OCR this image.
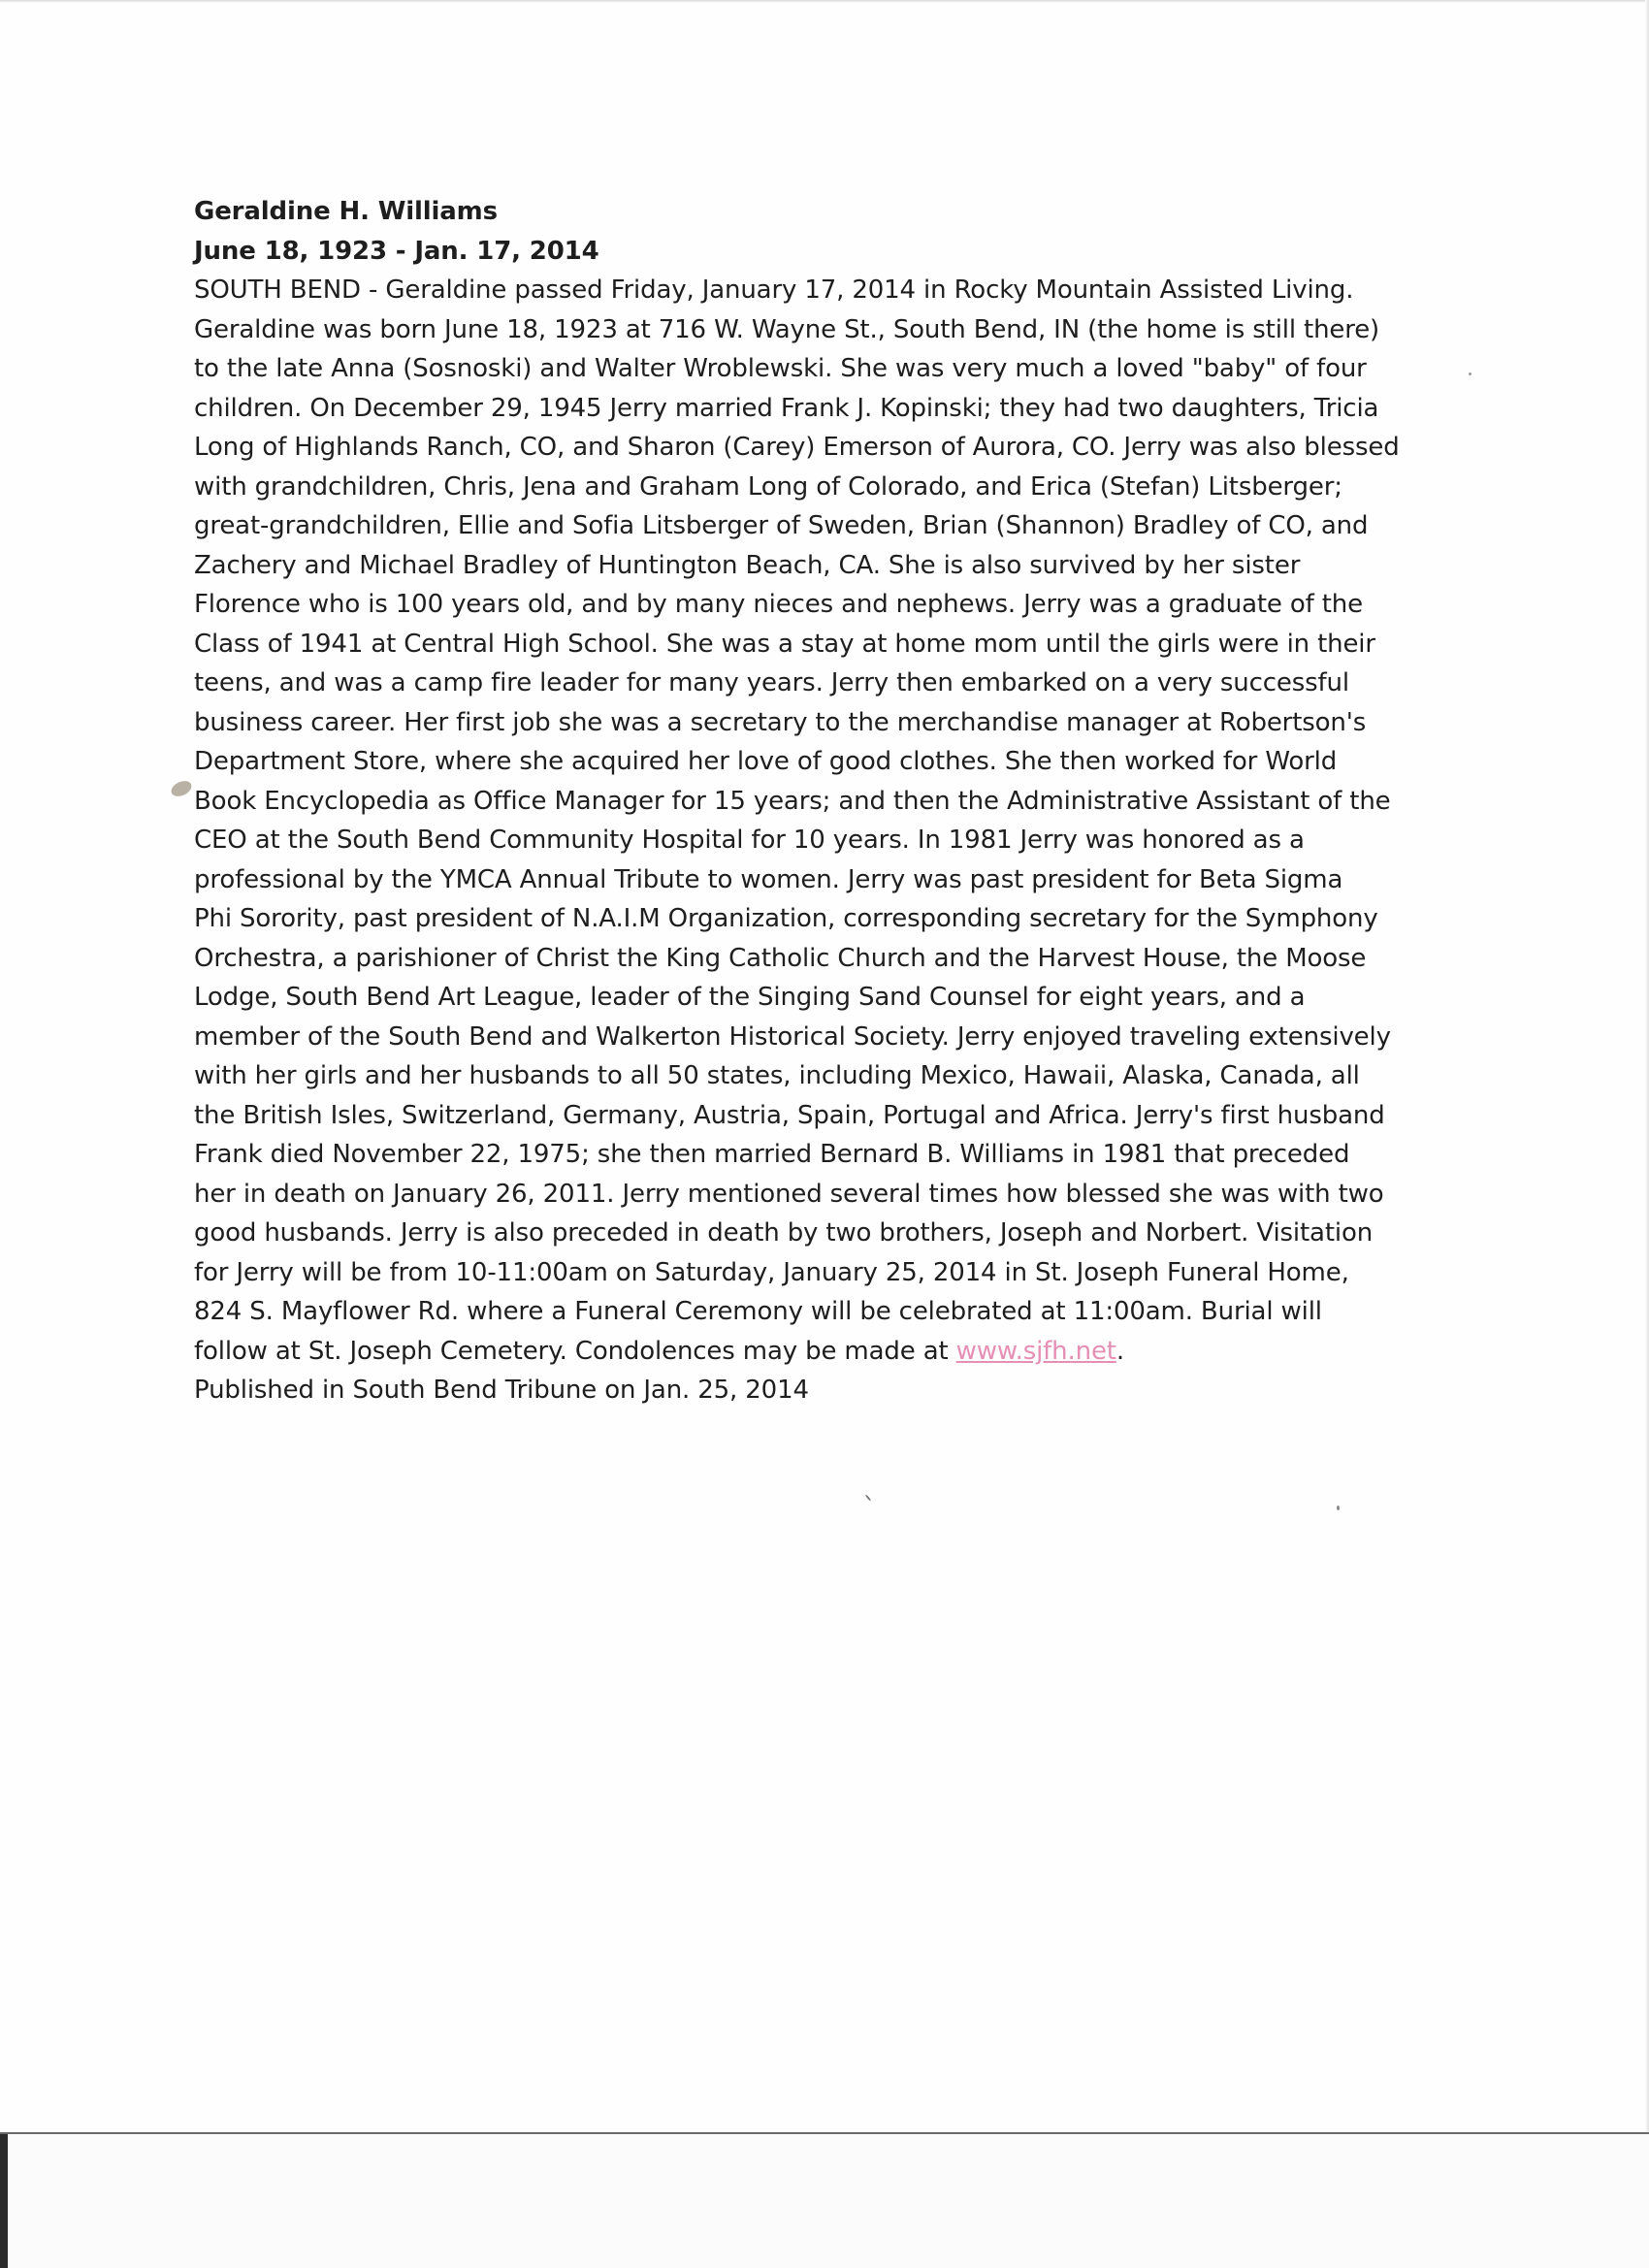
Geraldine H. Williams
June 18, 1923 - Jan. 17, 2014
SOUTH BEND - Geraldine passed Friday, January 17, 2014 in Rocky Mountain Assisted Living.
Geraldine was born June 18, 1923 at 716 W. Wayne St., South Bend, IN (the home is still there)
to the late Anna (Sosnoski) and Walter Wroblewski. She was very much a loved "baby" of four
children. On December 29, 1945 Jerry married Frank J. Kopinski; they had two daughters, Tricia
Long of Highlands Ranch, CO, and Sharon (Carey) Emerson of Aurora, CO. Jerry was also blessed
with grandchildren, Chris, Jena and Graham Long of Colorado, and Erica (Stefan) Litsberger;
great-grandchildren, Ellie and Sofia Litsberger of Sweden, Brian (Shannon) Bradley of CO, and
Zachery and Michael Bradley of Huntington Beach, CA. She is also survived by her sister
Florence who is 100 years old, and by many nieces and nephews. Jerry was a graduate of the
Class of 1941 at Central High School. She was a stay at home mom until the girls were in their
teens, and was a camp fire leader for many years. Jerry then embarked on a very successful
business career. Her first job she was a secretary to the merchandise manager at Robertson's
Department Store, where she acquired her love of good clothes. She then worked for World
Book Encyclopedia as Office Manager for 15 years; and then the Administrative Assistant of the
CEO at the South Bend Community Hospital for 10 years. In 1981 Jerry was honored as a
professional by the YMCA Annual Tribute to women. Jerry was past president for Beta Sigma
Phi Sorority, past president of N.A.I.M Organization, corresponding secretary for the Symphony
Orchestra, a parishioner of Christ the King Catholic Church and the Harvest House, the Moose
Lodge, South Bend Art League, leader of the Singing Sand Counsel for eight years, and a
member of the South Bend and Walkerton Historical Society. Jerry enjoyed traveling extensively
with her girls and her husbands to all 50 states, including Mexico, Hawaii, Alaska, Canada, all
the British Isles, Switzerland, Germany, Austria, Spain, Portugal and Africa. Jerry's first husband
Frank died November 22, 1975; she then married Bernard B. Williams in 1981 that preceded
her in death on January 26, 2011. Jerry mentioned several times how blessed she was with two
good husbands. Jerry is also preceded in death by two brothers, Joseph and Norbert. Visitation
for Jerry will be from 10-11:00am on Saturday, January 25, 2014 in St. Joseph Funeral Home,
824 S. Mayflower Rd. where a Funeral Ceremony will be celebrated at 11:00am. Burial will
follow at St. Joseph Cemetery. Condolences may be made at www.sjfh.net.
Published in South Bend Tribune on Jan. 25, 2014
